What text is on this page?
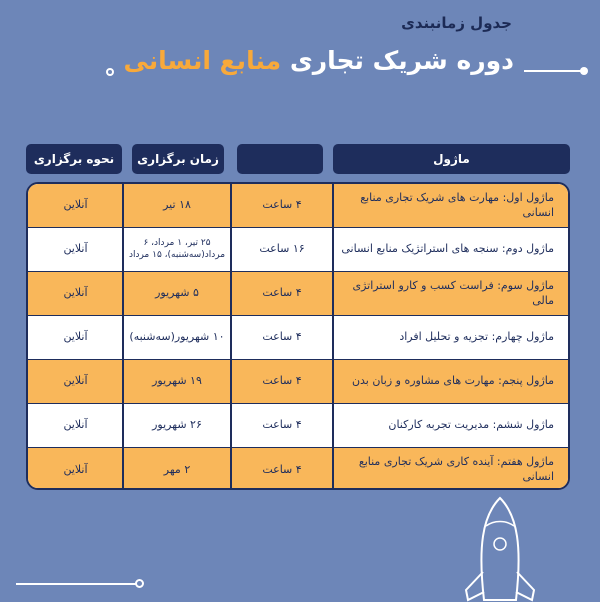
جدول زمانبندی
دوره شریک تجاری منابع انسانی
ماژول
زمان برگزاری
نحوه برگزاری
ماژول اول: مهارت های شریک تجاری منابع انسانی
۴ ساعت
۱۸ تیر
آنلاین
ماژول دوم: سنجه های استراتژیک منابع انسانی
۱۶ ساعت
۲۵ تیر، ۱ مرداد، ۶ مرداد(سه‌شنبه)، ۱۵ مرداد
آنلاین
ماژول سوم: فراست کسب و کارو استراتژی مالی
۴ ساعت
۵ شهریور
آنلاین
ماژول چهارم: تجزیه و تحلیل افراد
۴ ساعت
۱۰ شهریور(سه‌شنبه)
آنلاین
ماژول پنجم: مهارت های مشاوره و زبان بدن
۴ ساعت
۱۹ شهریور
آنلاین
ماژول ششم: مدیریت تجربه کارکنان
۴ ساعت
۲۶ شهریور
آنلاین
ماژول هفتم: آینده کاری شریک تجاری منابع انسانی
۴ ساعت
۲ مهر
آنلاین
